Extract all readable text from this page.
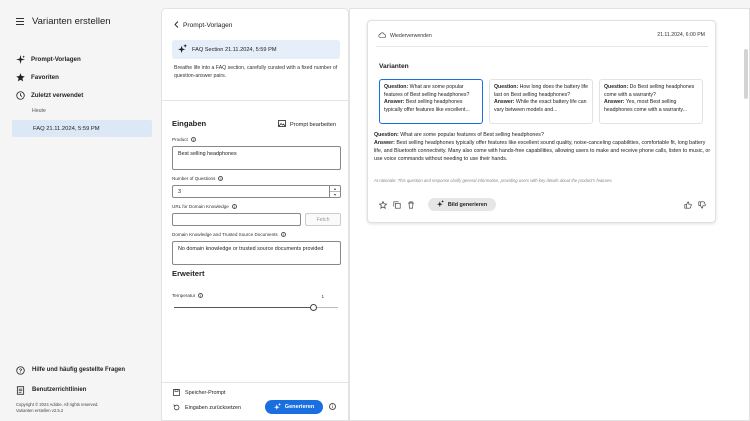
Varianten erstellen
Prompt-Vorlagen
Favoriten
Zuletzt verwendet
Heute
FAQ 21.11.2024, 5:59 PM
? Hilfe und häufig gestellte Fragen
Benutzerrichtlinien
Copyright © 2024 Adobe. All rights reserved.
Varianten erstellen v2.5.2
Prompt-Vorlagen
FAQ Section 21.11.2024, 5:59 PM
Breathe life into a FAQ section, carefully curated with a fixed number of question-answer pairs.
Eingaben	Prompt bearbeiten
Product	i
Best selling headphones
Number of Questions	i
3
▲
▼
URL for Domain Knowledge	i
Fetch
Domain Knowledge and Trusted Source Documents	i
No domain knowledge or trusted source documents provided
Erweitert
Temperatur	i	1
Speicher-Prompt
Eingaben zurücksetzen	Generieren	i
Wiederverwenden	21.11.2024, 6:00 PM
Varianten
Question: What are some popular features of Best selling headphones?
Answer: Best selling headphones typically offer features like excellent...
Question: How long does the battery life last on Best selling headphones?
Answer: While the exact battery life can vary between models and...
Question: Do Best selling headphones come with a warranty?
Answer: Yes, most Best selling headphones come with a warranty...
Question: What are some popular features of Best selling headphones?
Answer: Best selling headphones typically offer features like excellent sound quality, noise-canceling capabilities, comfortable fit, long battery life, and Bluetooth connectivity. Many also come with hands-free capabilities, allowing users to make and receive phone calls, listen to music, or use voice commands without needing to use their hands.
AI-rationale: This question and response clarify general information, providing users with key details about the product's features.
Bild generieren
